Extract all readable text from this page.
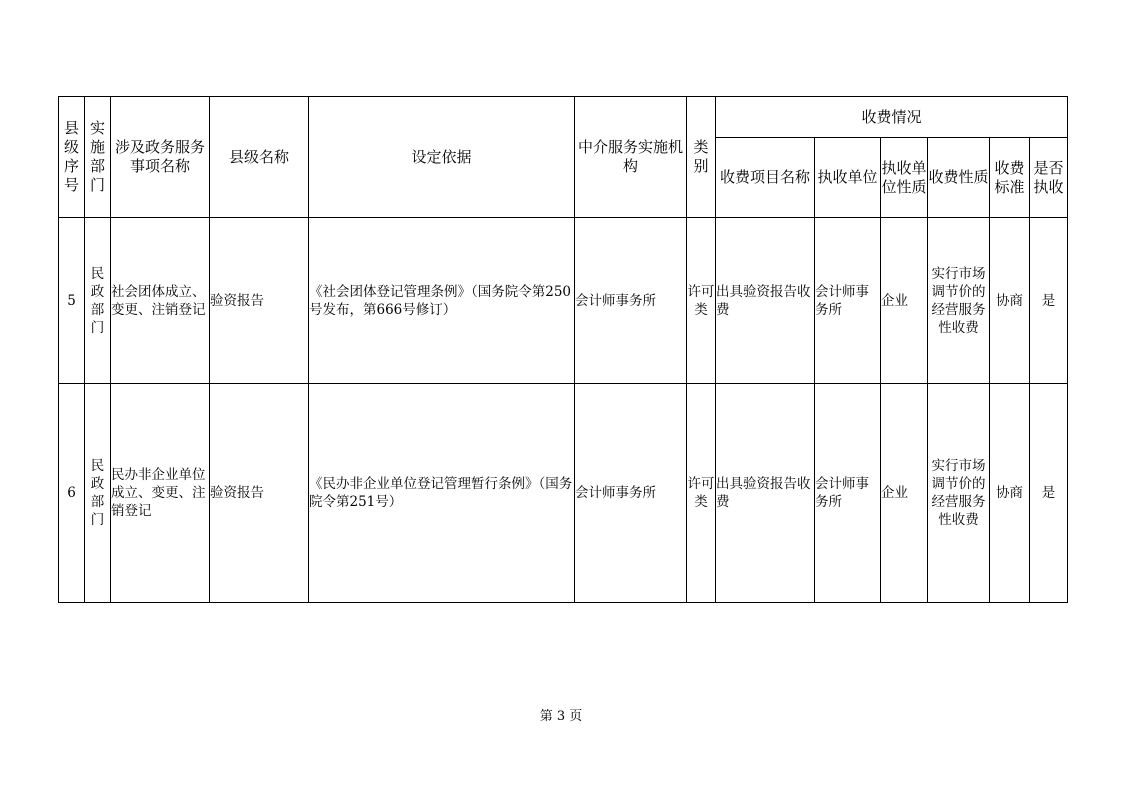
县级序号	实施部门	涉及政务服务事项名称	县级名称	设定依据	中介服务实施机构	类别	收费情况					
							收费项目名称	执收单位	执收单位性质	收费性质	收费标准	是否执收
5	民政部门	社会团体成立、变更、注销登记	验资报告	《社会团体登记管理条例》（国务院令第250号发布，第666号修订）	会计师事务所	许可类	出具验资报告收费	会计师事务所	企业	实行市场调节价的经营服务性收费	协商	是
6	民政部门	民办非企业单位成立、变更、注销登记	验资报告	《民办非企业单位登记管理暂行条例》（国务院令第251号）	会计师事务所	许可类	出具验资报告收费	会计师事务所	企业	实行市场调节价的经营服务性收费	协商	是
第 3 页
